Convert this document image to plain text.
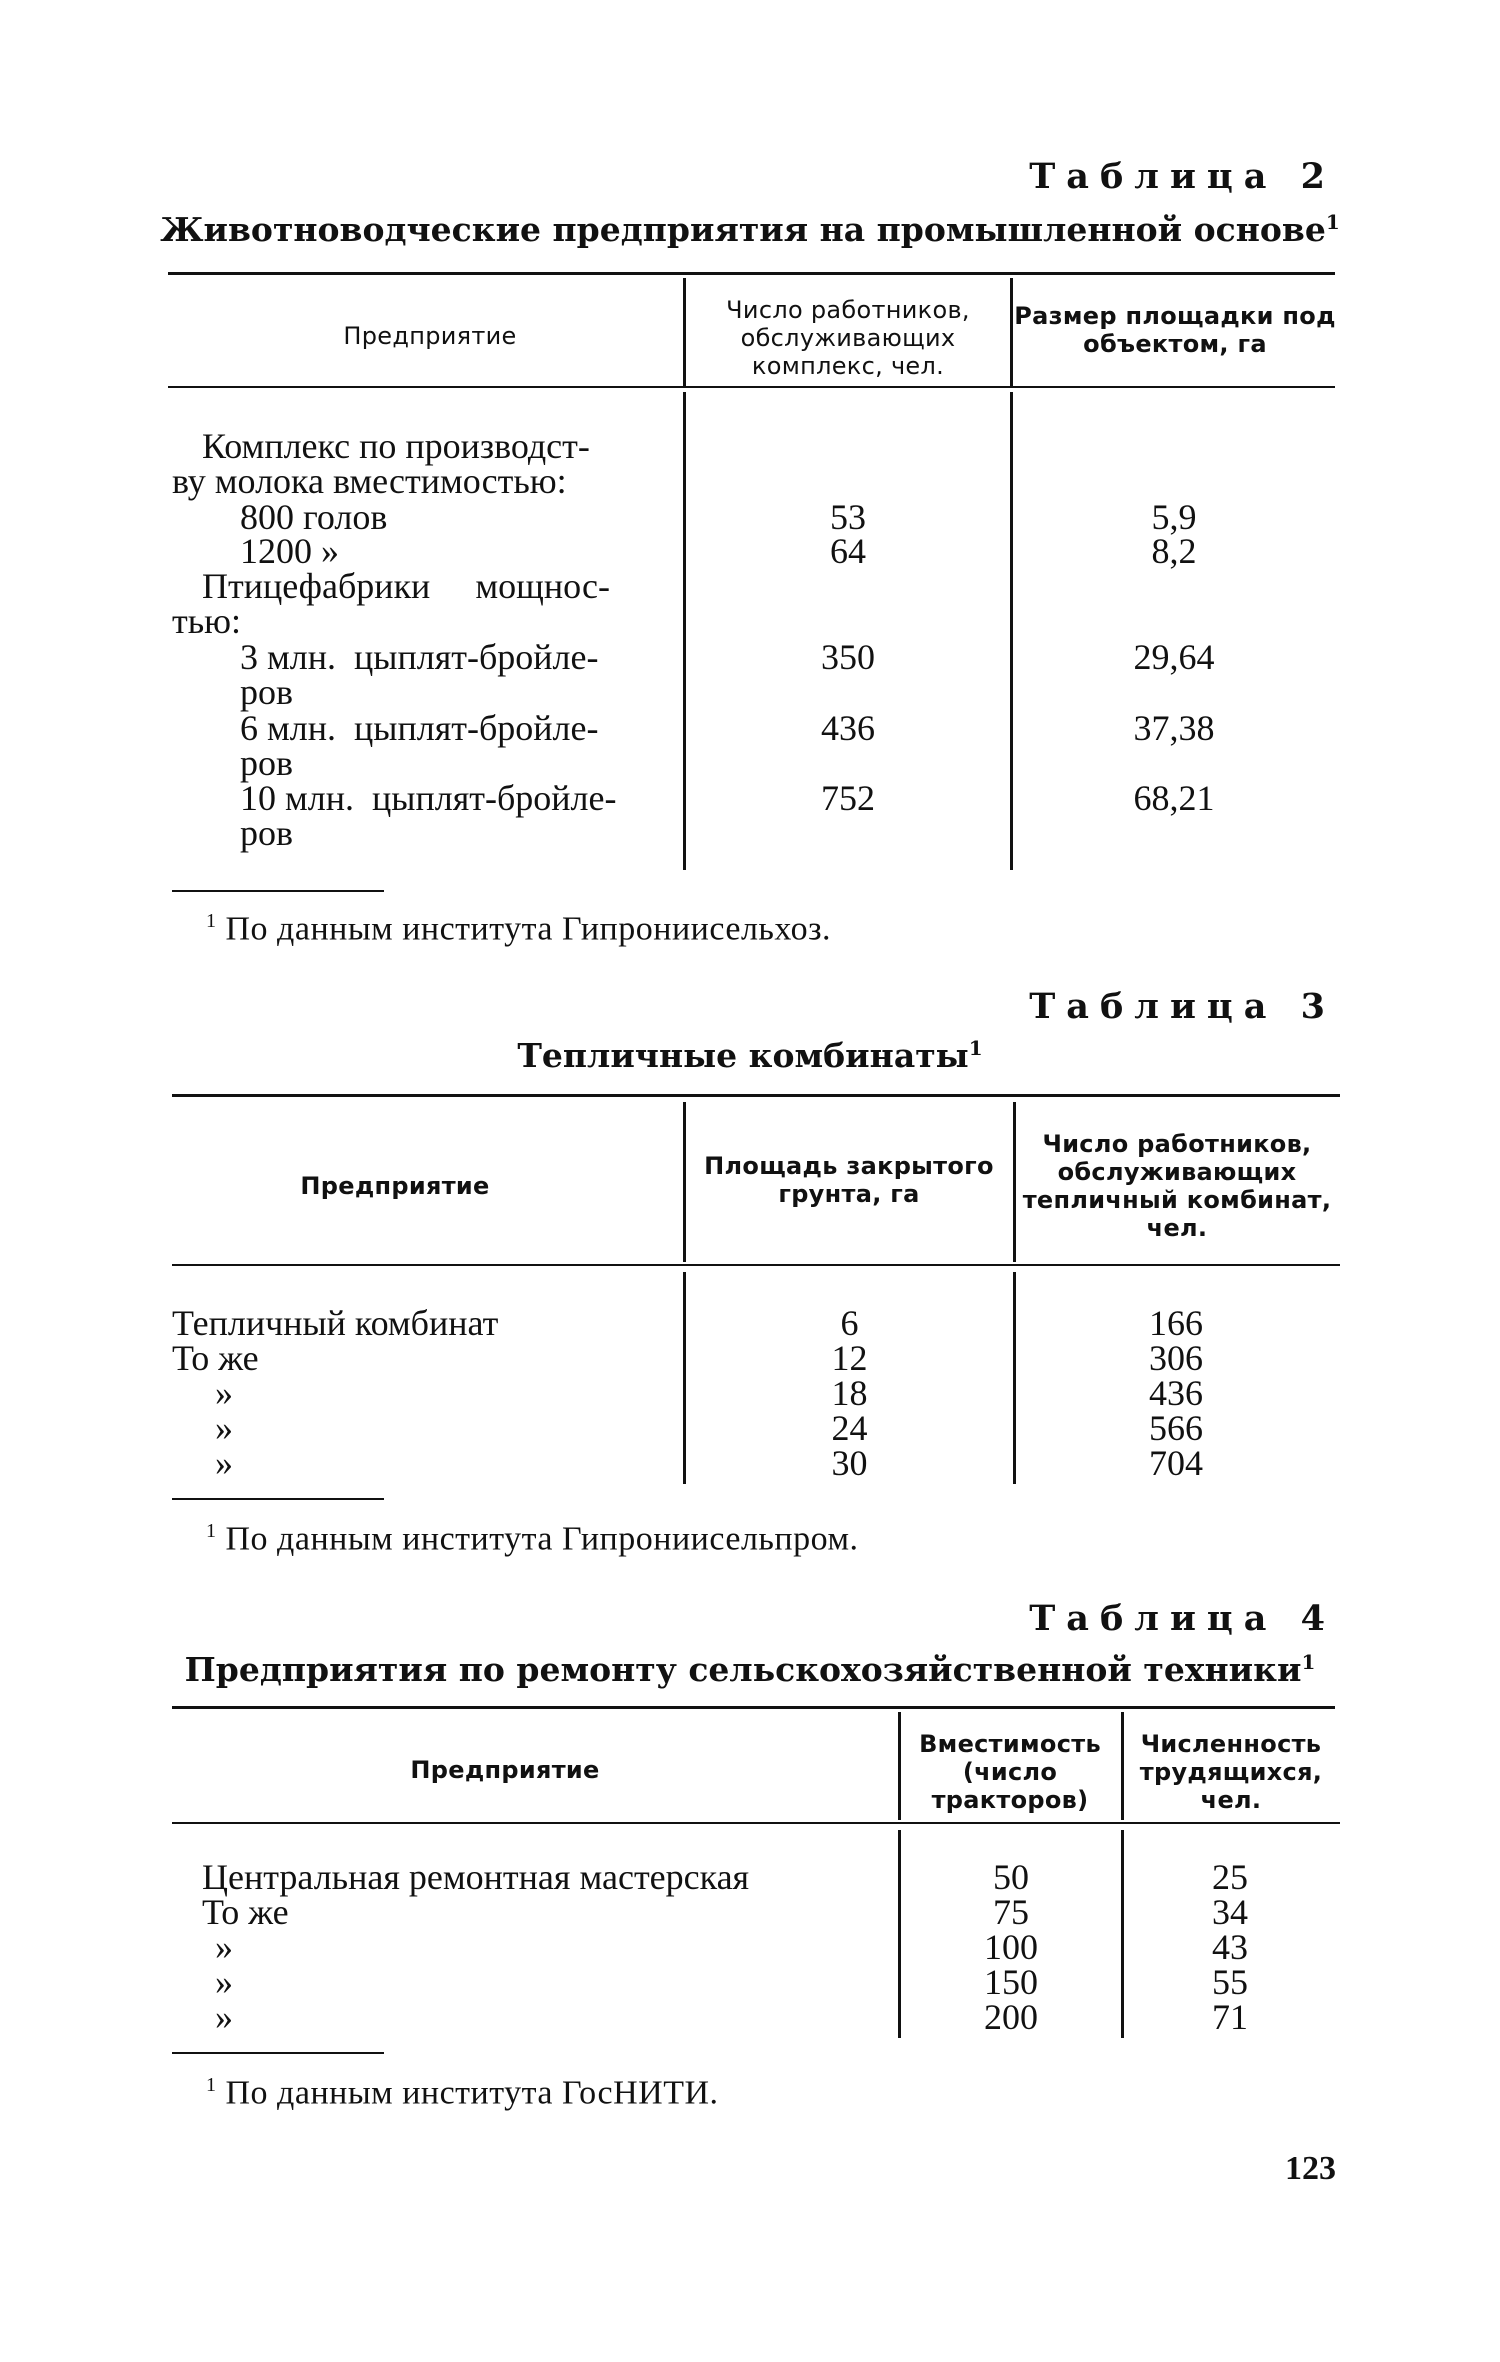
Таблица 2
Животноводческие предприятия на промышленной основе$^1$
Предприятие
Число работников, обслуживающих комплекс, чел.
Размер площадки под объектом, га
Комплекс по производст-
ву молока вместимостью:
800 голов
1200 »
Птицефабрики     мощнос-
тью:
3 млн.  цыплят-бройле-
ров
6 млн.  цыплят-бройле-
ров
10 млн.  цыплят-бройле-
ров
53
64
350
436
752
5,9
8,2
29,64
37,38
68,21
$^1$ По данным института Гипрониисельхоз.
Таблица 3
Тепличные комбинаты$^1$
Предприятие
Площадь закрытого грунта, га
Число работников, обслуживающих тепличный комбинат, чел.
Тепличный комбинат
То же
»
»
»
6
12
18
24
30
166
306
436
566
704
$^1$ По данным института Гипрониисельпром.
Таблица 4
Предприятия по ремонту сельскохозяйственной техники$^1$
Предприятие
Вместимость (число тракторов)
Численность трудящихся, чел.
Центральная ремонтная мастерская
То же
»
»
»
50
75
100
150
200
25
34
43
55
71
$^1$ По данным института ГосНИТИ.
123
